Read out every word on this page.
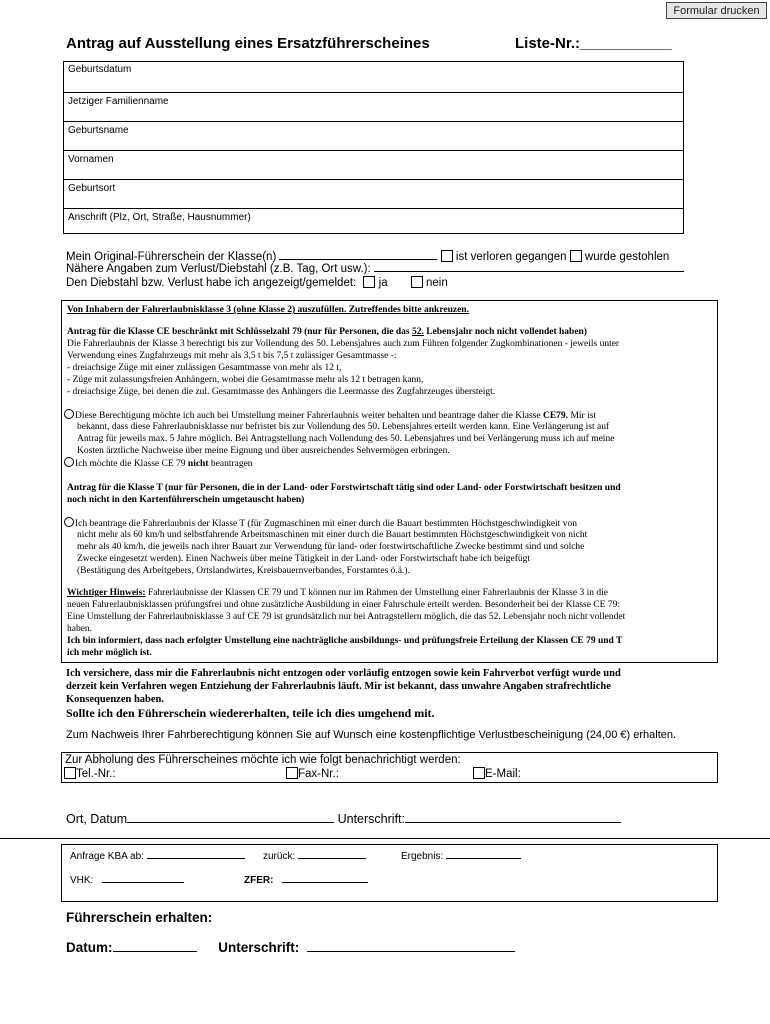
Formular drucken
Antrag auf Ausstellung eines Ersatzführerscheines	Liste-Nr.:___________
Geburtsdatum
Jetziger Familienname
Geburtsname
Vornamen
Geburtsort
Anschrift (Plz, Ort, Straße, Hausnummer)
Mein Original-Führerschein der Klasse(n)	ist verloren gegangen wurde gestohlen
Nähere Angaben zum Verlust/Diebstahl (z.B. Tag, Ort usw.):
Den Diebstahl bzw. Verlust habe ich angezeigt/gemeldet: ja	nein
Von Inhabern der Fahrerlaubnisklasse 3 (ohne Klasse 2) auszufüllen. Zutreffendes bitte ankreuzen.
Antrag für die Klasse CE beschränkt mit Schlüsselzahl 79 (nur für Personen, die das 52. Lebensjahr noch nicht vollendet haben)
Die Fahrerlaubnis der Klasse 3 berechtigt bis zur Vollendung des 50. Lebensjahres auch zum Führen folgender Zugkombinationen - jeweils unter
Verwendung eines Zugfahrzeugs mit mehr als 3,5 t bis 7,5 t zulässiger Gesamtmasse -:
- dreiachsige Züge mit einer zulässigen Gesamtmasse von mehr als 12 t,
- Züge mit zulassungsfreien Anhängern, wobei die Gesamtmasse mehr als 12 t betragen kann,
- dreiachsige Züge, bei denen die zul. Gesamtmasse des Anhängers die Leermasse des Zugfahrzeuges übersteigt.
Diese Berechtigung möchte ich auch bei Umstellung meiner Fahrerlaubnis weiter behalten und beantrage daher die Klasse CE79. Mir ist
bekannt, dass diese Fahrerlaubnisklasse nur befristet bis zur Vollendung des 50. Lebensjahres erteilt werden kann. Eine Verlängerung ist auf
Antrag für jeweils max. 5 Jahre möglich. Bei Antragstellung nach Vollendung des 50. Lebensjahres und bei Verlängerung muss ich auf meine
Kosten ärztliche Nachweise über meine Eignung und über ausreichendes Sehvermögen erbringen.
Ich möchte die Klasse CE 79 nicht beantragen
Antrag für die Klasse T (nur für Personen, die in der Land- oder Forstwirtschaft tätig sind oder Land- oder Forstwirtschaft besitzen und
noch nicht in den Kartenführerschein umgetauscht haben)
Ich beantrage die Fahrerlaubnis der Klasse T (für Zugmaschinen mit einer durch die Bauart bestimmten Höchstgeschwindigkeit von
nicht mehr als 60 km/h und selbstfahrende Arbeitsmaschinen mit einer durch die Bauart bestimmten Höchstgeschwindigkeit von nicht
mehr als 40 km/h, die jeweils nach ihrer Bauart zur Verwendung für land- oder forstwirtschaftliche Zwecke bestimmt sind und solche
Zwecke eingesetzt werden). Einen Nachweis über meine Tätigkeit in der Land- oder Forstwirtschaft habe ich beigefügt
(Bestätigung des Arbeitgebers, Ortslandwirtes, Kreisbauernverbandes, Forstamtes ö.ä.).
Wichtiger Hinweis: Fahrerlaubnisse der Klassen CE 79 und T können nur im Rahmen der Umstellung einer Fahrerlaubnis der Klasse 3 in die
neuen Fahrerlaubnisklassen prüfungsfrei und ohne zusätzliche Ausbildung in einer Fahrschule erteilt werden. Besonderheit bei der Klasse CE 79:
Eine Umstellung der Fahrerlaubnisklasse 3 auf CE 79 ist grundsätzlich nur bei Antragstellern möglich, die das 52. Lebensjahr noch nicht vollendet
haben.
Ich bin informiert, dass nach erfolgter Umstellung eine nachträgliche ausbildungs- und prüfungsfreie Erteilung der Klassen CE 79 und T
ich mehr möglich ist.
Ich versichere, dass mir die Fahrerlaubnis nicht entzogen oder vorläufig entzogen sowie kein Fahrverbot verfügt wurde und
derzeit kein Verfahren wegen Entziehung der Fahrerlaubnis läuft. Mir ist bekannt, dass unwahre Angaben strafrechtliche
Konsequenzen haben.
Sollte ich den Führerschein wiedererhalten, teile ich dies umgehend mit.
Zum Nachweis Ihrer Fahrberechtigung können Sie auf Wunsch eine kostenpflichtige Verlustbescheinigung (24,00 €) erhalten.
Zur Abholung des Führerscheines möchte ich wie folgt benachrichtigt werden:
Tel.-Nr.:	Fax-Nr.:	E-Mail:
Ort, Datum	Unterschrift:
Anfrage KBA ab:	zurück:	Ergebnis:
VHK:	ZFER:
Führerschein erhalten:
Datum:	Unterschrift:
